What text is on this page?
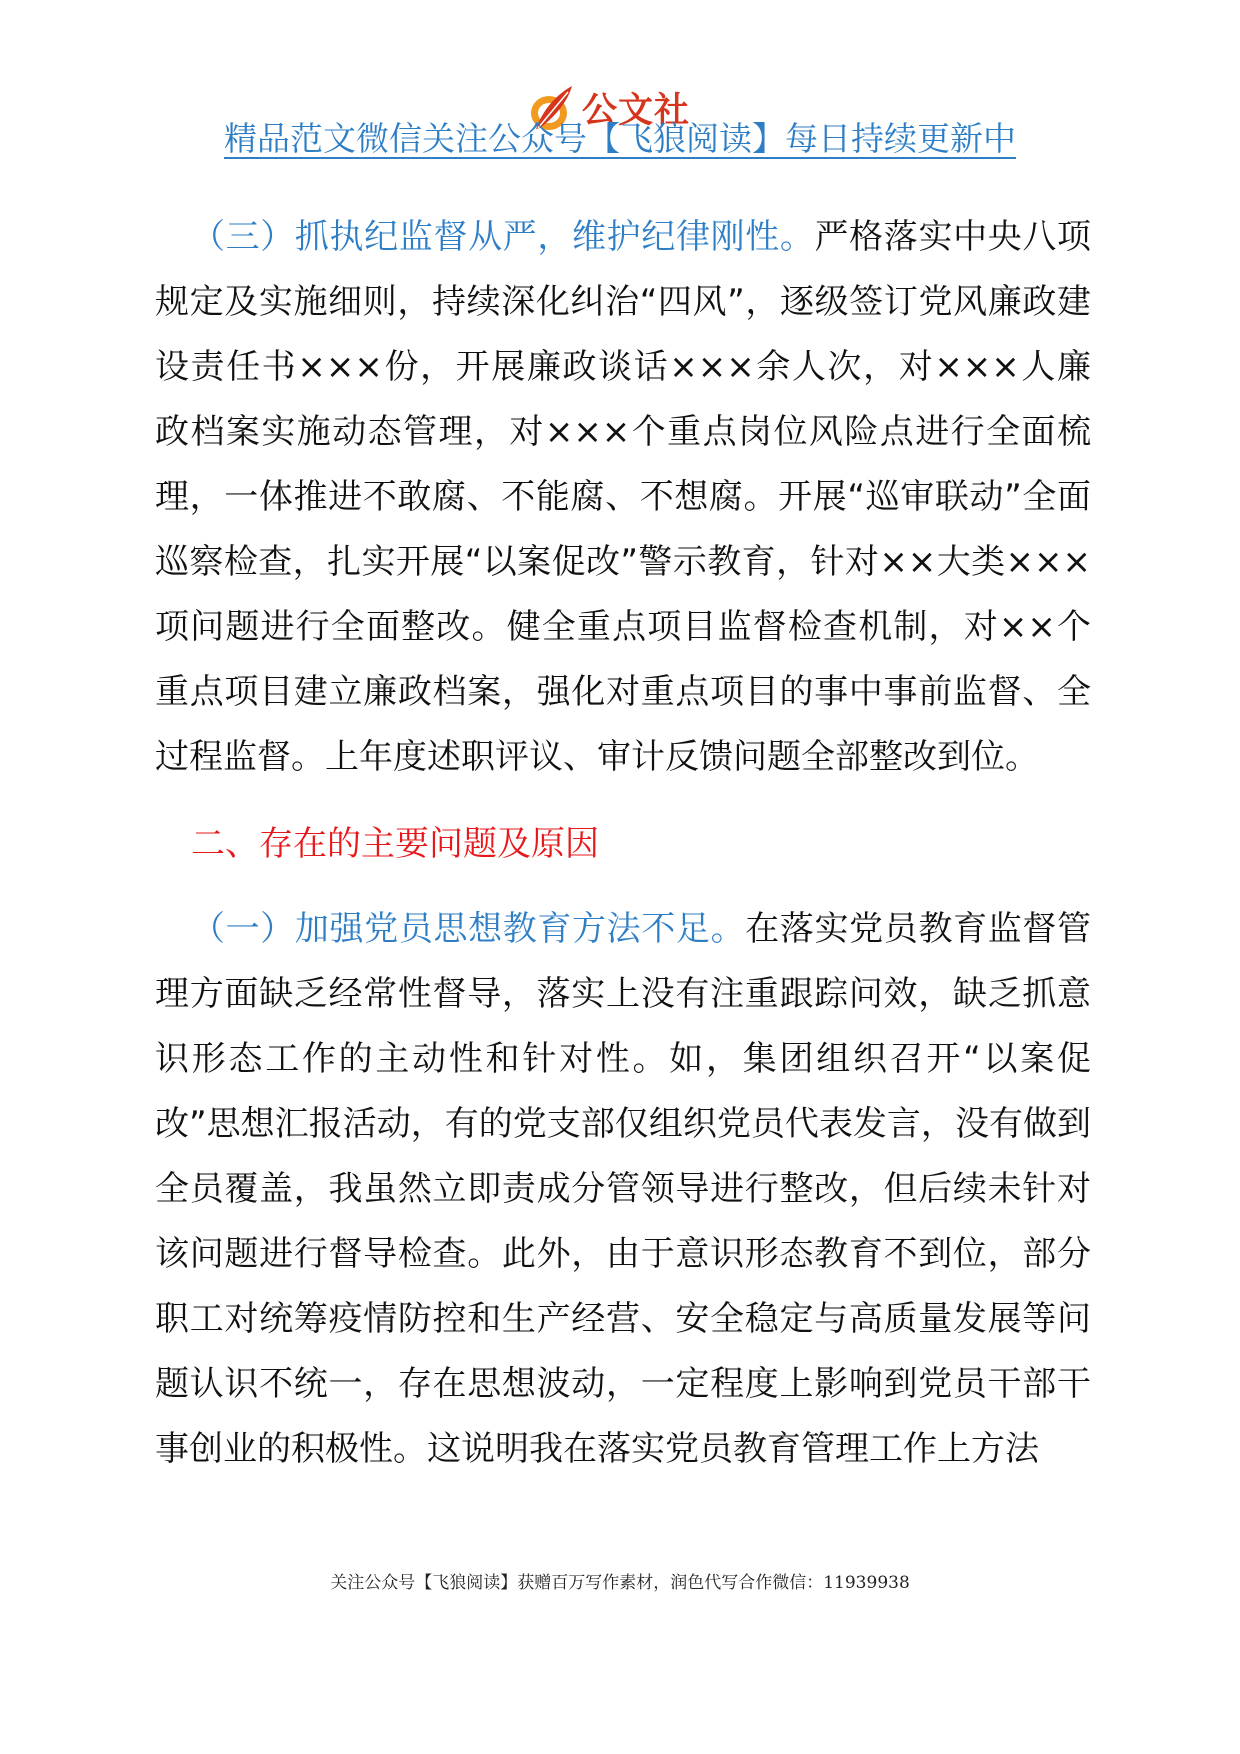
公文社
精品范文微信关注公众号【飞狼阅读】每日持续更新中

（三）抓执纪监督从严，维护纪律刚性。严格落实中央八项规定及实施细则，持续深化纠治“四风”，逐级签订党风廉政建设责任书×××份，开展廉政谈话×××余人次，对×××人廉政档案实施动态管理，对×××个重点岗位风险点进行全面梳理，一体推进不敢腐、不能腐、不想腐。开展“巡审联动”全面巡察检查，扎实开展“以案促改”警示教育，针对××大类×××项问题进行全面整改。健全重点项目监督检查机制，对××个重点项目建立廉政档案，强化对重点项目的事中事前监督、全过程监督。上年度述职评议、审计反馈问题全部整改到位。

二、存在的主要问题及原因

（一）加强党员思想教育方法不足。在落实党员教育监督管理方面缺乏经常性督导，落实上没有注重跟踪问效，缺乏抓意识形态工作的主动性和针对性。如，集团组织召开“以案促改”思想汇报活动，有的党支部仅组织党员代表发言，没有做到全员覆盖，我虽然立即责成分管领导进行整改，但后续未针对该问题进行督导检查。此外，由于意识形态教育不到位，部分职工对统筹疫情防控和生产经营、安全稳定与高质量发展等问题认识不统一，存在思想波动，一定程度上影响到党员干部干事创业的积极性。这说明我在落实党员教育管理工作上方法

关注公众号【飞狼阅读】获赠百万写作素材，润色代写合作微信：11939938
